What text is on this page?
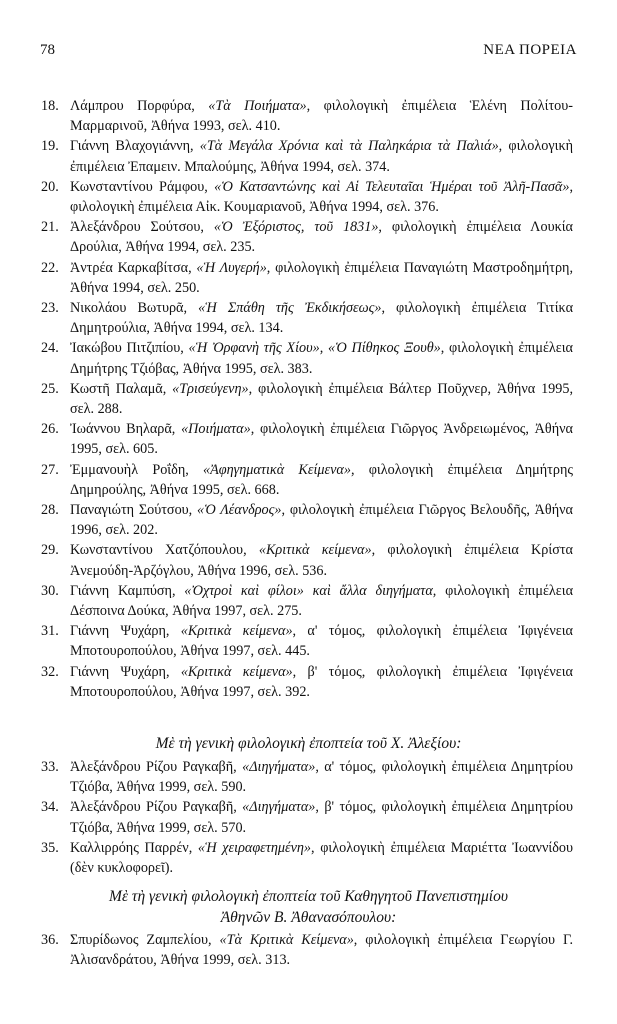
78	ΝΕΑ ΠΟΡΕΙΑ
18. Λάμπρου Πορφύρα, «Τὰ Ποιήματα», φιλολογικὴ ἐπιμέλεια Ἑλένη Πολίτου-Μαρμαρινοῦ, Ἀθήνα 1993, σελ. 410.
19. Γιάννη Βλαχογιάννη, «Τὰ Μεγάλα Χρόνια καὶ τὰ Παληκάρια τὰ Παλιά», φιλολογικὴ ἐπιμέλεια Ἐπαμειν. Μπαλούμης, Ἀθήνα 1994, σελ. 374.
20. Κωνσταντίνου Ράμφου, «Ὁ Κατσαντώνης καὶ Αἱ Τελευταῖαι Ἡμέραι τοῦ Ἀλῆ-Πασᾶ», φιλολογικὴ ἐπιμέλεια Αἰκ. Κουμαριανοῦ, Ἀθήνα 1994, σελ. 376.
21. Ἀλεξάνδρου Σούτσου, «Ὁ Ἐξόριστος, τοῦ 1831», φιλολογικὴ ἐπιμέλεια Λουκία Δρούλια, Ἀθήνα 1994, σελ. 235.
22. Ἀντρέα Καρκαβίτσα, «Ἡ Λυγερή», φιλολογικὴ ἐπιμέλεια Παναγιώτη Μαστροδημήτρη, Ἀθήνα 1994, σελ. 250.
23. Νικολάου Βωτυρᾶ, «Ἡ Σπάθη τῆς Ἐκδικήσεως», φιλολογικὴ ἐπιμέλεια Τιτίκα Δημητρούλια, Ἀθήνα 1994, σελ. 134.
24. Ἰακώβου Πιτζιπίου, «Ἡ Ὀρφανὴ τῆς Χίου», «Ὁ Πίθηκος Ξουθ», φιλολογικὴ ἐπιμέλεια Δημήτρης Τζιόβας, Ἀθήνα 1995, σελ. 383.
25. Κωστῆ Παλαμᾶ, «Τρισεύγενη», φιλολογικὴ ἐπιμέλεια Βάλτερ Ποῦχνερ, Ἀθήνα 1995, σελ. 288.
26. Ἰωάννου Βηλαρᾶ, «Ποιήματα», φιλολογικὴ ἐπιμέλεια Γιῶργος Ἀνδρειωμένος, Ἀθήνα 1995, σελ. 605.
27. Ἐμμανουὴλ Ροΐδη, «Ἀφηγηματικὰ Κείμενα», φιλολογικὴ ἐπιμέλεια Δημήτρης Δημηρούλης, Ἀθήνα 1995, σελ. 668.
28. Παναγιώτη Σούτσου, «Ὁ Λέανδρος», φιλολογικὴ ἐπιμέλεια Γιῶργος Βελουδῆς, Ἀθήνα 1996, σελ. 202.
29. Κωνσταντίνου Χατζόπουλου, «Κριτικὰ κείμενα», φιλολογικὴ ἐπιμέλεια Κρίστα Ἀνεμούδη-Ἀρζόγλου, Ἀθήνα 1996, σελ. 536.
30. Γιάννη Καμπύση, «Ὀχτροὶ καὶ φίλοι» καὶ ἄλλα διηγήματα, φιλολογικὴ ἐπιμέλεια Δέσποινα Δούκα, Ἀθήνα 1997, σελ. 275.
31. Γιάννη Ψυχάρη, «Κριτικὰ κείμενα», α' τόμος, φιλολογικὴ ἐπιμέλεια Ἰφιγένεια Μποτουροπούλου, Ἀθήνα 1997, σελ. 445.
32. Γιάννη Ψυχάρη, «Κριτικὰ κείμενα», β' τόμος, φιλολογικὴ ἐπιμέλεια Ἰφιγένεια Μποτουροπούλου, Ἀθήνα 1997, σελ. 392.
Μὲ τὴ γενικὴ φιλολογικὴ ἐποπτεία τοῦ Χ. Ἀλεξίου:
33. Ἀλεξάνδρου Ρίζου Ραγκαβῆ, «Διηγήματα», α' τόμος, φιλολογικὴ ἐπιμέλεια Δημητρίου Τζιόβα, Ἀθήνα 1999, σελ. 590.
34. Ἀλεξάνδρου Ρίζου Ραγκαβῆ, «Διηγήματα», β' τόμος, φιλολογικὴ ἐπιμέλεια Δημητρίου Τζιόβα, Ἀθήνα 1999, σελ. 570.
35. Καλλιρρόης Παρρέν, «Ἡ χειραφετημένη», φιλολογικὴ ἐπιμέλεια Μαριέττα Ἰωαννίδου (δὲν κυκλοφορεῖ).
Μὲ τὴ γενικὴ φιλολογικὴ ἐποπτεία τοῦ Καθηγητοῦ Πανεπιστημίου
Ἀθηνῶν Β. Ἀθανασόπουλου:
36. Σπυρίδωνος Ζαμπελίου, «Τὰ Κριτικὰ Κείμενα», φιλολογικὴ ἐπιμέλεια Γεωργίου Γ. Ἀλισανδράτου, Ἀθήνα 1999, σελ. 313.
